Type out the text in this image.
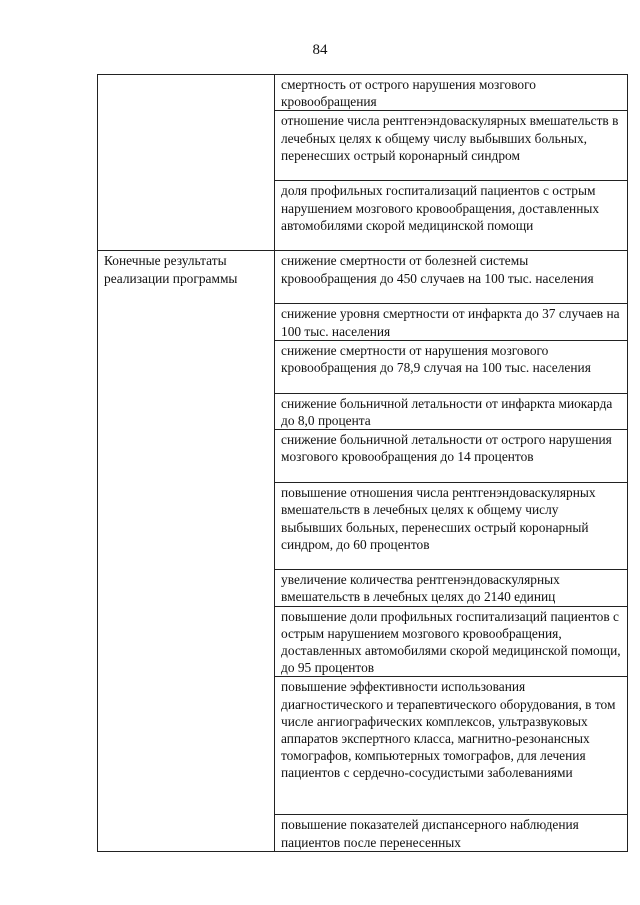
84
	смертность от острого нарушения мозгового кровообращения
	отношение числа рентгенэндоваскулярных вмешательств в лечебных целях к общему числу выбывших больных, перенесших острый коронарный синдром
	доля профильных госпитализаций пациентов с острым нарушением мозгового кровообращения, доставленных автомобилями скорой медицинской помощи
Конечные результаты реализации программы	снижение смертности от болезней системы кровообращения до 450 случаев на 100 тыс. населения
	снижение уровня смертности от инфаркта до 37 случаев на 100 тыс. населения
	снижение смертности от нарушения мозгового кровообращения до 78,9 случая на 100 тыс. населения
	снижение больничной летальности от инфаркта миокарда до 8,0 процента
	снижение больничной летальности от острого нарушения мозгового кровообращения до 14 процентов
	повышение отношения числа рентгенэндоваскулярных вмешательств в лечебных целях к общему числу выбывших больных, перенесших острый коронарный синдром, до 60 процентов
	увеличение количества рентгенэндоваскулярных вмешательств в лечебных целях до 2140 единиц
	повышение доли профильных госпитализаций пациентов с острым нарушением мозгового кровообращения, доставленных автомобилями скорой медицинской помощи, до 95 процентов
	повышение эффективности использования диагностического и терапевтического оборудования, в том числе ангиографических комплексов, ультразвуковых аппаратов экспертного класса, магнитно-резонансных томографов, компьютерных томографов, для лечения пациентов с сердечно-сосудистыми заболеваниями
	повышение показателей диспансерного наблюдения пациентов после перенесенных
